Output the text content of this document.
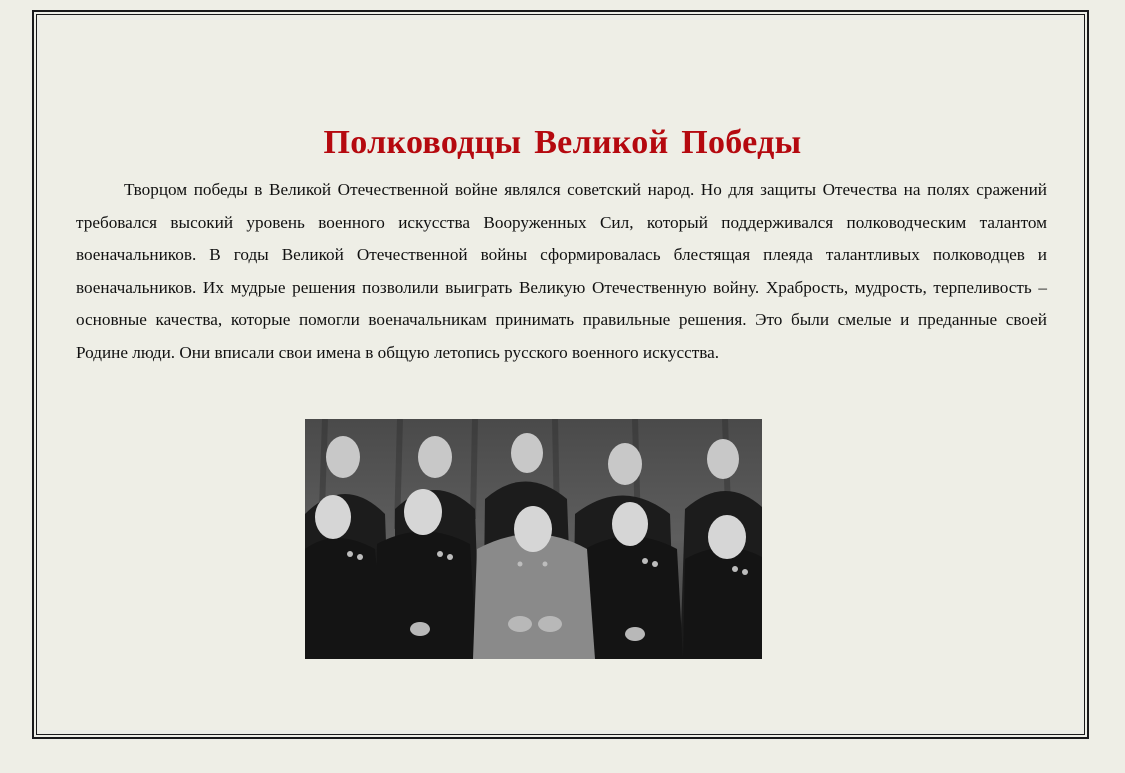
Полководцы Великой Победы

Творцом победы в Великой Отечественной войне являлся советский народ. Но для защиты Отечества на полях сражений требовался высокий уровень военного искусства Вооруженных Сил, который поддерживался полководческим талантом военачальников. В годы Великой Отечественной войны сформировалась блестящая плеяда талантливых полководцев и военачальников. Их мудрые решения позволили выиграть Великую Отечественную войну. Храбрость, мудрость, терпеливость – основные качества, которые помогли военачальникам принимать правильные решения. Это были смелые и преданные своей Родине люди. Они вписали свои имена в общую летопись русского военного искусства.
